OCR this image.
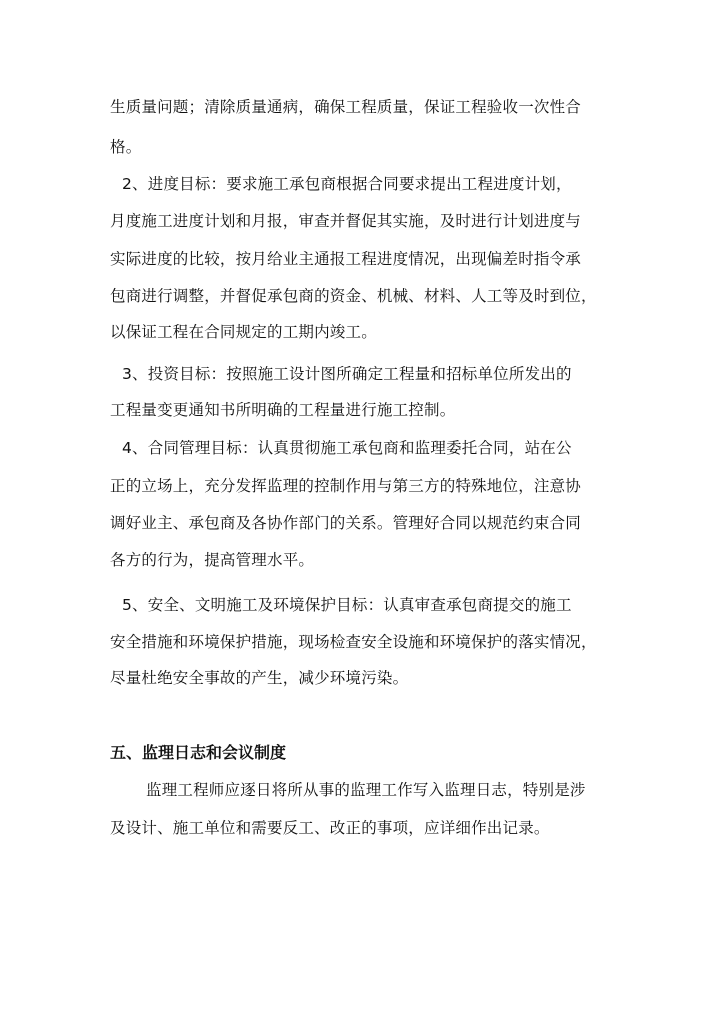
生质量问题；清除质量通病，确保工程质量，保证工程验收一次性合
格。
2、进度目标：要求施工承包商根据合同要求提出工程进度计划，
月度施工进度计划和月报，审查并督促其实施，及时进行计划进度与
实际进度的比较，按月给业主通报工程进度情况，出现偏差时指令承
包商进行调整，并督促承包商的资金、机械、材料、人工等及时到位，
以保证工程在合同规定的工期内竣工。
3、投资目标：按照施工设计图所确定工程量和招标单位所发出的
工程量变更通知书所明确的工程量进行施工控制。
4、合同管理目标：认真贯彻施工承包商和监理委托合同，站在公
正的立场上，充分发挥监理的控制作用与第三方的特殊地位，注意协
调好业主、承包商及各协作部门的关系。管理好合同以规范约束合同
各方的行为，提高管理水平。
5、安全、文明施工及环境保护目标：认真审查承包商提交的施工
安全措施和环境保护措施，现场检查安全设施和环境保护的落实情况，
尽量杜绝安全事故的产生，减少环境污染。
五、监理日志和会议制度
监理工程师应逐日将所从事的监理工作写入监理日志，特别是涉
及设计、施工单位和需要反工、改正的事项，应详细作出记录。
